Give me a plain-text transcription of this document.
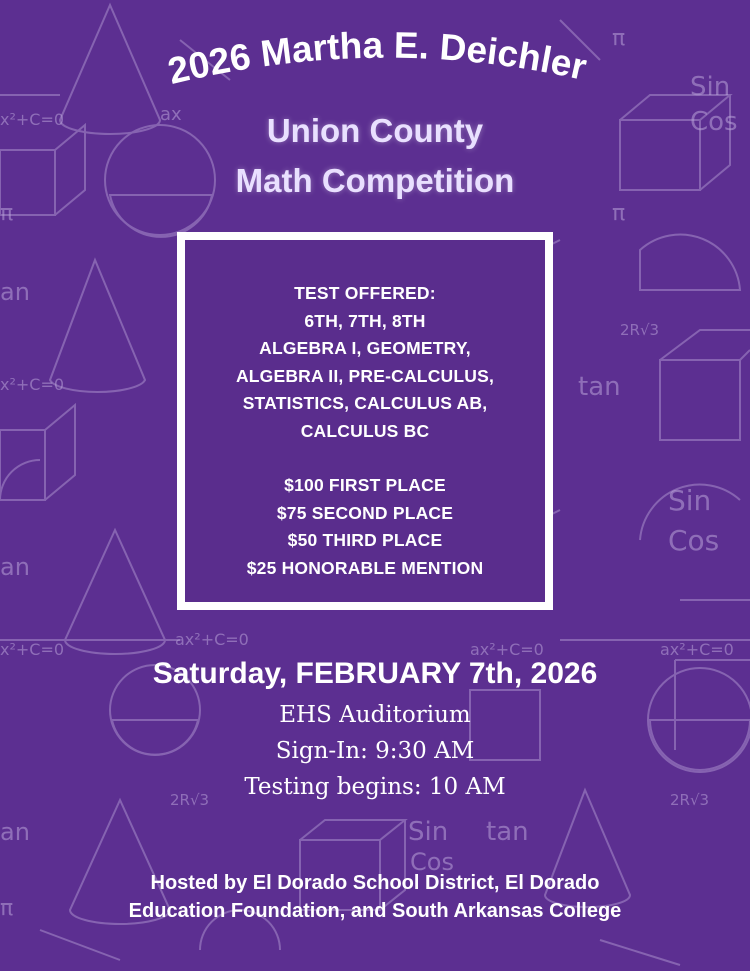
Sin
Cos
Sin
Cos
Sin tan
Cos
tan
an
an
an
x²+C=0
x²+C=0
x²+C=0
ax
ax²+C=0
ax²+C=0	ax²+C=0
π
π
π
π
2R√3
2R√3	2R√3
2026 Martha E. Deichler
Union County
Math Competition
TEST OFFERED:
6TH, 7TH, 8TH
ALGEBRA I, GEOMETRY,
ALGEBRA II, PRE-CALCULUS,
STATISTICS, CALCULUS AB,
CALCULUS BC
$100 FIRST PLACE
$75 SECOND PLACE
$50 THIRD PLACE
$25 HONORABLE MENTION
Saturday, FEBRUARY 7th, 2026
EHS Auditorium
Sign-In: 9:30 AM
Testing begins: 10 AM
Hosted by El Dorado School District, El Dorado
Education Foundation, and South Arkansas College
